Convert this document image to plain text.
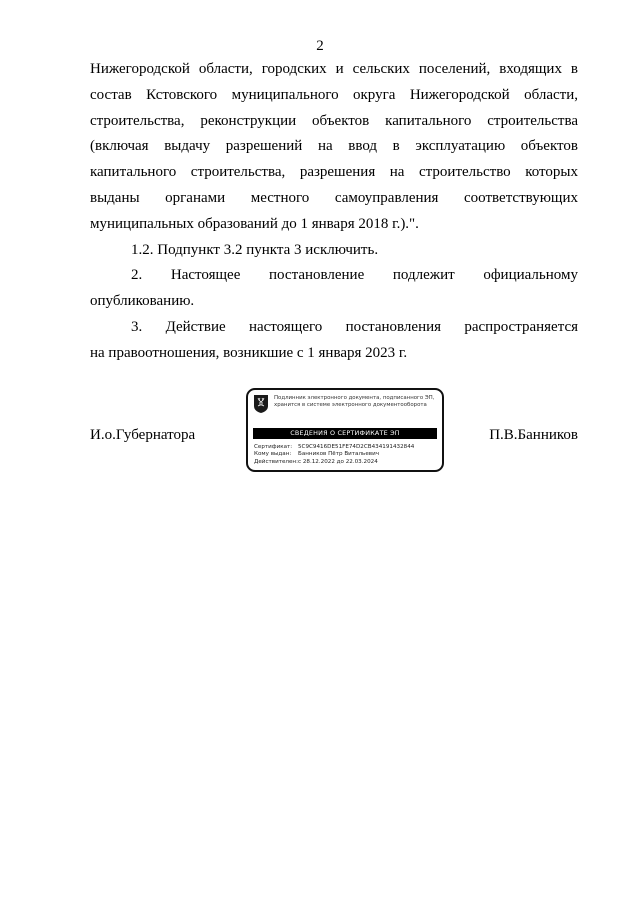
2
Нижегородской области, городских и сельских поселений, входящих в
состав Кстовского муниципального округа Нижегородской области,
строительства, реконструкции объектов капитального строительства
(включая выдачу разрешений на ввод в эксплуатацию объектов
капитального строительства, разрешения на строительство которых
выданы органами местного самоуправления соответствующих
муниципальных образований до 1 января 2018 г.).".
1.2. Подпункт 3.2 пункта 3 исключить.
2. Настоящее постановление подлежит официальному
опубликованию.
3. Действие настоящего постановления распространяется
на правоотношения, возникшие с 1 января 2023 г.
И.о.Губернатора	П.В.Банников
Подлинник электронного документа, подписанного ЭП,
хранится в системе электронного документооборота
СВЕДЕНИЯ О СЕРТИФИКАТЕ ЭП
Сертификат: 5C9C9416DE51FE74D2CB434191432844
Кому выдан: Банников Пётр Витальевич
Действителен:с 28.12.2022 до 22.03.2024
